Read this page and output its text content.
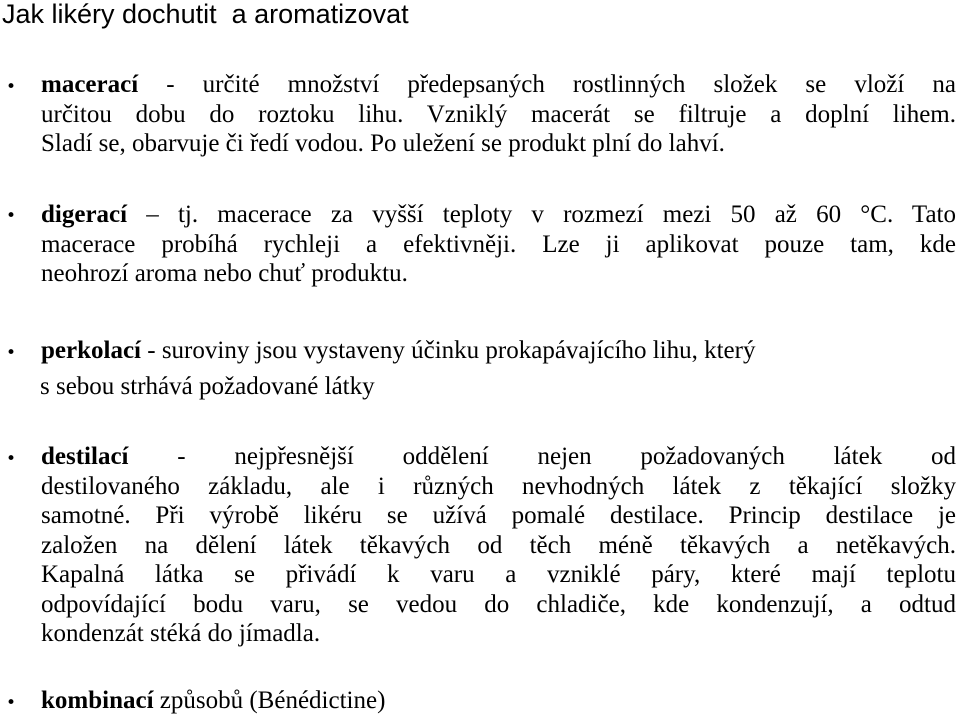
Jak likéry dochutit  a aromatizovat
• macerací - určité množství předepsaných rostlinných složek se vloží na
určitou dobu do roztoku lihu. Vzniklý macerát se filtruje a doplní lihem.
Sladí se, obarvuje či ředí vodou. Po uležení se produkt plní do lahví.
• digerací – tj. macerace za vyšší teploty v rozmezí mezi 50 až 60 °C. Tato
macerace probíhá rychleji a efektivněji. Lze ji aplikovat pouze tam, kde
neohrozí aroma nebo chuť produktu.
• perkolací - suroviny jsou vystaveny účinku prokapávajícího lihu, který
s sebou strhává požadované látky
• destilací - nejpřesnější oddělení nejen požadovaných látek od
destilovaného základu, ale i různých nevhodných látek z těkající složky
samotné. Při výrobě likéru se užívá pomalé destilace. Princip destilace je
založen na dělení látek těkavých od těch méně těkavých a netěkavých.
Kapalná látka se přivádí k varu a vzniklé páry, které mají teplotu
odpovídající bodu varu, se vedou do chladiče, kde kondenzují, a odtud
kondenzát stéká do jímadla.
• kombinací způsobů (Bénédictine)
